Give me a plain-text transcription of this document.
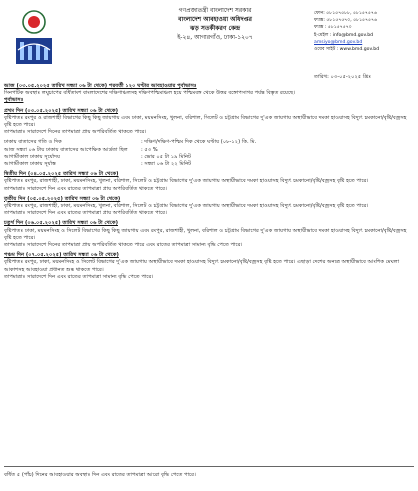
গণপ্রজাতন্ত্রী বাংলাদেশ সরকার
বাংলাদেশ আবহাওয়া অধিদপ্তর
ঝড় সতর্কীকরণ কেন্দ্র
ই-২৪, আগারগাঁও, ঢাকা-১২০৭
ফোন: ৫৮১৫৭৫৮৮, ৫৮১৫৭৫৭৬
ফ্যাক্স: ৫৮১৫৭৫৭০, ৫৮১৫৭৫৭৬
ফ্যাক্স : ৫৮১৫৭৫৭০
ই-মেইল : info@bmd.gov.bd
amsiyo@bmd.gov.bd
ওয়েব সাইট : www.bmd.gov.bd
তারিখ: ০৩-০৫-২০২৫ খ্রিঃ

আজ (০৩.০৫.২০২৫ তারিখ সন্ধ্যা ০৬ টা থেকে) পরবর্তী ১২০ ঘণ্টার আবহাওয়ার পূর্বাভাসঃ

সিনপটিক অবস্থাঃ লঘুচাপের বর্ধিতাংশ বাংলাদেশের দক্ষিণাঞ্চলসহ দক্ষিণপশ্চিমাঞ্চল হয়ে পশ্চিমবঙ্গ থেকে উত্তর বঙ্গোপসাগর পর্যন্ত বিস্তৃত রয়েছে।

পূর্বাভাসঃ

প্রথম দিন (০৩.০৫.২০২৫) তারিখ সন্ধ্যা ০৬ টা থেকে)

বৃষ্টিপাতঃ রংপুর ও রাজশাহী বিভাগের কিছু কিছু জায়গায় এবং ঢাকা, ময়মনসিংহ, খুলনা, বরিশাল, সিলেট ও চট্টগ্রাম বিভাগের দু'এক জায়গায় অস্থায়ীভাবে দমকা হাওয়াসহ বিদ্যুৎ চমকানো/বৃষ্টি/বজ্রসহ বৃষ্টি হতে পারে।

তাপমাত্রাঃ সারাদেশে দিনের তাপমাত্রা প্রায় অপরিবর্তিত থাকতে পারে।

ঢাকায় বাতাসের গতি ও দিক	: দক্ষিণ/দক্ষিণ-পশ্চিম দিক থেকে ঘণ্টায় (০৮-১২) কি. মি.
আজ সন্ধ্যা ০৬ টায় ঢাকায় বাতাসের আপেক্ষিক আর্দ্রতা ছিল	: ৫৩ %
আগামীকাল ঢাকায় সূর্যোদয়	: ভোর ০৫ টা ১৯ মিনিট
আগামীকাল ঢাকায় সূর্যাস্ত	: সন্ধ্যা ০৬ টা ২২ মিনিট

দ্বিতীয় দিন (০৪.০৫.২০২৫ তারিখ সন্ধ্যা ০৬ টা থেকে)

বৃষ্টিপাতঃ রংপুর, রাজশাহী, ঢাকা, ময়মনসিংহ, খুলনা, বরিশাল, সিলেট ও চট্টগ্রাম বিভাগের দু'এক জায়গায় অস্থায়ীভাবে দমকা হাওয়াসহ বিদ্যুৎ চমকানো/বৃষ্টি/বজ্রসহ বৃষ্টি হতে পারে।

তাপমাত্রাঃ সারাদেশে দিন এবং রাতের তাপমাত্রা প্রায় অপরিবর্তিত থাকতে পারে।

তৃতীয় দিন (০৫.০৫.২০২৫) তারিখ সন্ধ্যা ০৬ টা থেকে)

বৃষ্টিপাতঃ রংপুর, রাজশাহী, ঢাকা, ময়মনসিংহ, খুলনা, বরিশাল, সিলেট ও চট্টগ্রাম বিভাগের দু'এক জায়গায় অস্থায়ীভাবে দমকা হাওয়াসহ বিদ্যুৎ চমকানো/বৃষ্টি/বজ্রসহ বৃষ্টি হতে পারে।

তাপমাত্রাঃ সারাদেশে দিন এবং রাতের তাপমাত্রা প্রায় অপরিবর্তিত থাকতে পারে।

চতুর্থ দিন (০৬.০৫.২০২৫) তারিখ সন্ধ্যা ০৬ টা থেকে)

বৃষ্টিপাতঃ ঢাকা, ময়মনসিংহ ও সিলেট বিভাগের কিছু কিছু জায়গায় এবং রংপুর, রাজশাহী, খুলনা, বরিশাল ও চট্টগ্রাম বিভাগের দু'এক জায়গায় অস্থায়ীভাবে দমকা হাওয়াসহ বিদ্যুৎ চমকানো/বৃষ্টি/বজ্রসহ বৃষ্টি হতে পারে।

তাপমাত্রাঃ সারাদেশে দিনের তাপমাত্রা প্রায় অপরিবর্তিত থাকতে পারে এবং রাতের তাপমাত্রা সামান্য বৃদ্ধি পেতে পারে।

পঞ্চম দিন (০৭.০৫.২০২৫) তারিখ সন্ধ্যা ০৬ টা থেকে)

বৃষ্টিপাতঃ রংপুর, ঢাকা, ময়মনসিংহ ও সিলেট বিভাগের দু'এক জায়গায় অস্থায়ীভাবে দমকা হাওয়াসহ বিদ্যুৎ চমকানো/বৃষ্টি/বজ্রসহ বৃষ্টি হতে পারে। এছাড়া দেশের অন্যত্র অস্থায়ীভাবে আংশিক মেঘলা আকাশসহ আবহাওয়া প্রধানত শুষ্ক থাকতে পারে।

তাপমাত্রাঃ সারাদেশে দিন এবং রাতের তাপমাত্রা সামান্য বৃদ্ধি পেতে পারে।

বর্ধিত ৫ (পাঁচ) দিনের আবহাওয়ার অবস্থাঃ দিন এবং রাতের তাপমাত্রা আরো বৃদ্ধি পেতে পারে।
